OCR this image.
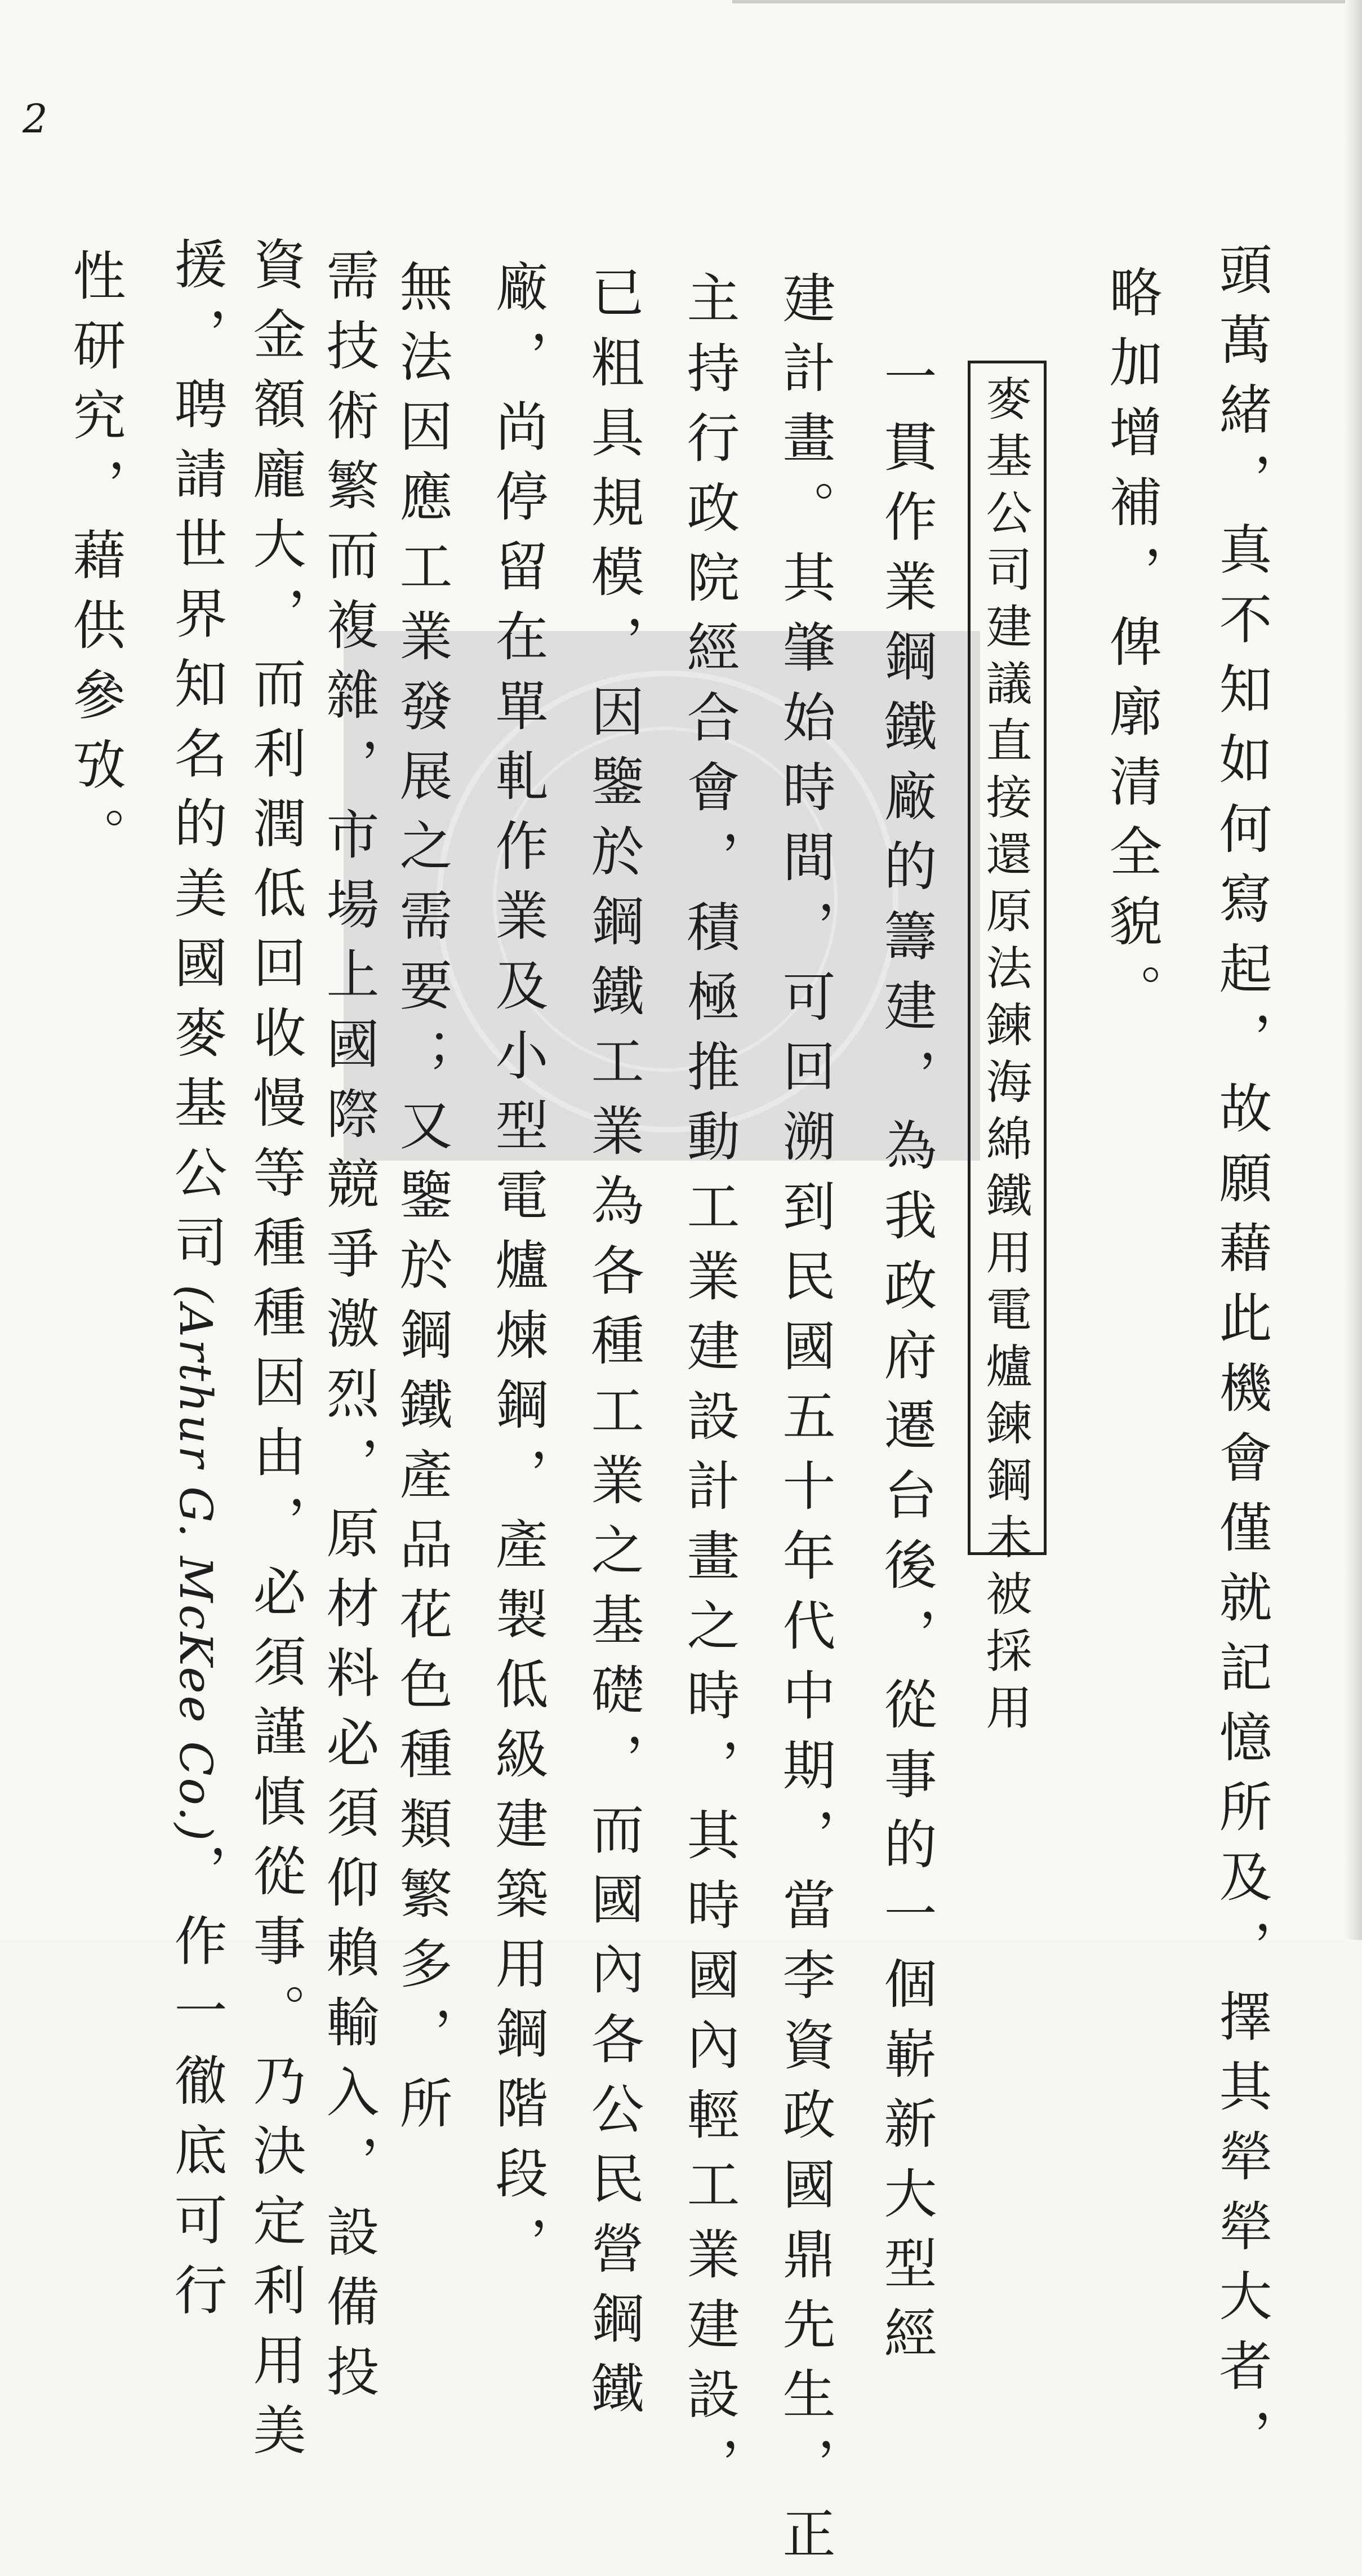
2
頭萬緒，真不知如何寫起，故願藉此機會僅就記憶所及，擇其犖犖大者，
略加增補，俾廓清全貌。
麥基公司建議直接還原法鍊海綿鐵用電爐鍊鋼未被採用
一貫作業鋼鐵廠的籌建，為我政府遷台後，從事的一個嶄新大型經
建計畫。其肇始時間，可回溯到民國五十年代中期，當李資政國鼎先生，正
主持行政院經合會，積極推動工業建設計畫之時，其時國內輕工業建設，
已粗具規模，因鑒於鋼鐵工業為各種工業之基礎，而國內各公民營鋼鐵
廠，尚停留在單軋作業及小型電爐煉鋼，產製低級建築用鋼階段，
無法因應工業發展之需要；又鑒於鋼鐵產品花色種類繁多，所
需技術繁而複雜，市場上國際競爭激烈，原材料必須仰賴輸入，設備投
資金額龐大，而利潤低回收慢等種種因由，必須謹慎從事。乃決定利用美
援，聘請世界知名的美國麥基公司(Arthur G. McKee Co.)，作一徹底可行
性研究，藉供參攷。
